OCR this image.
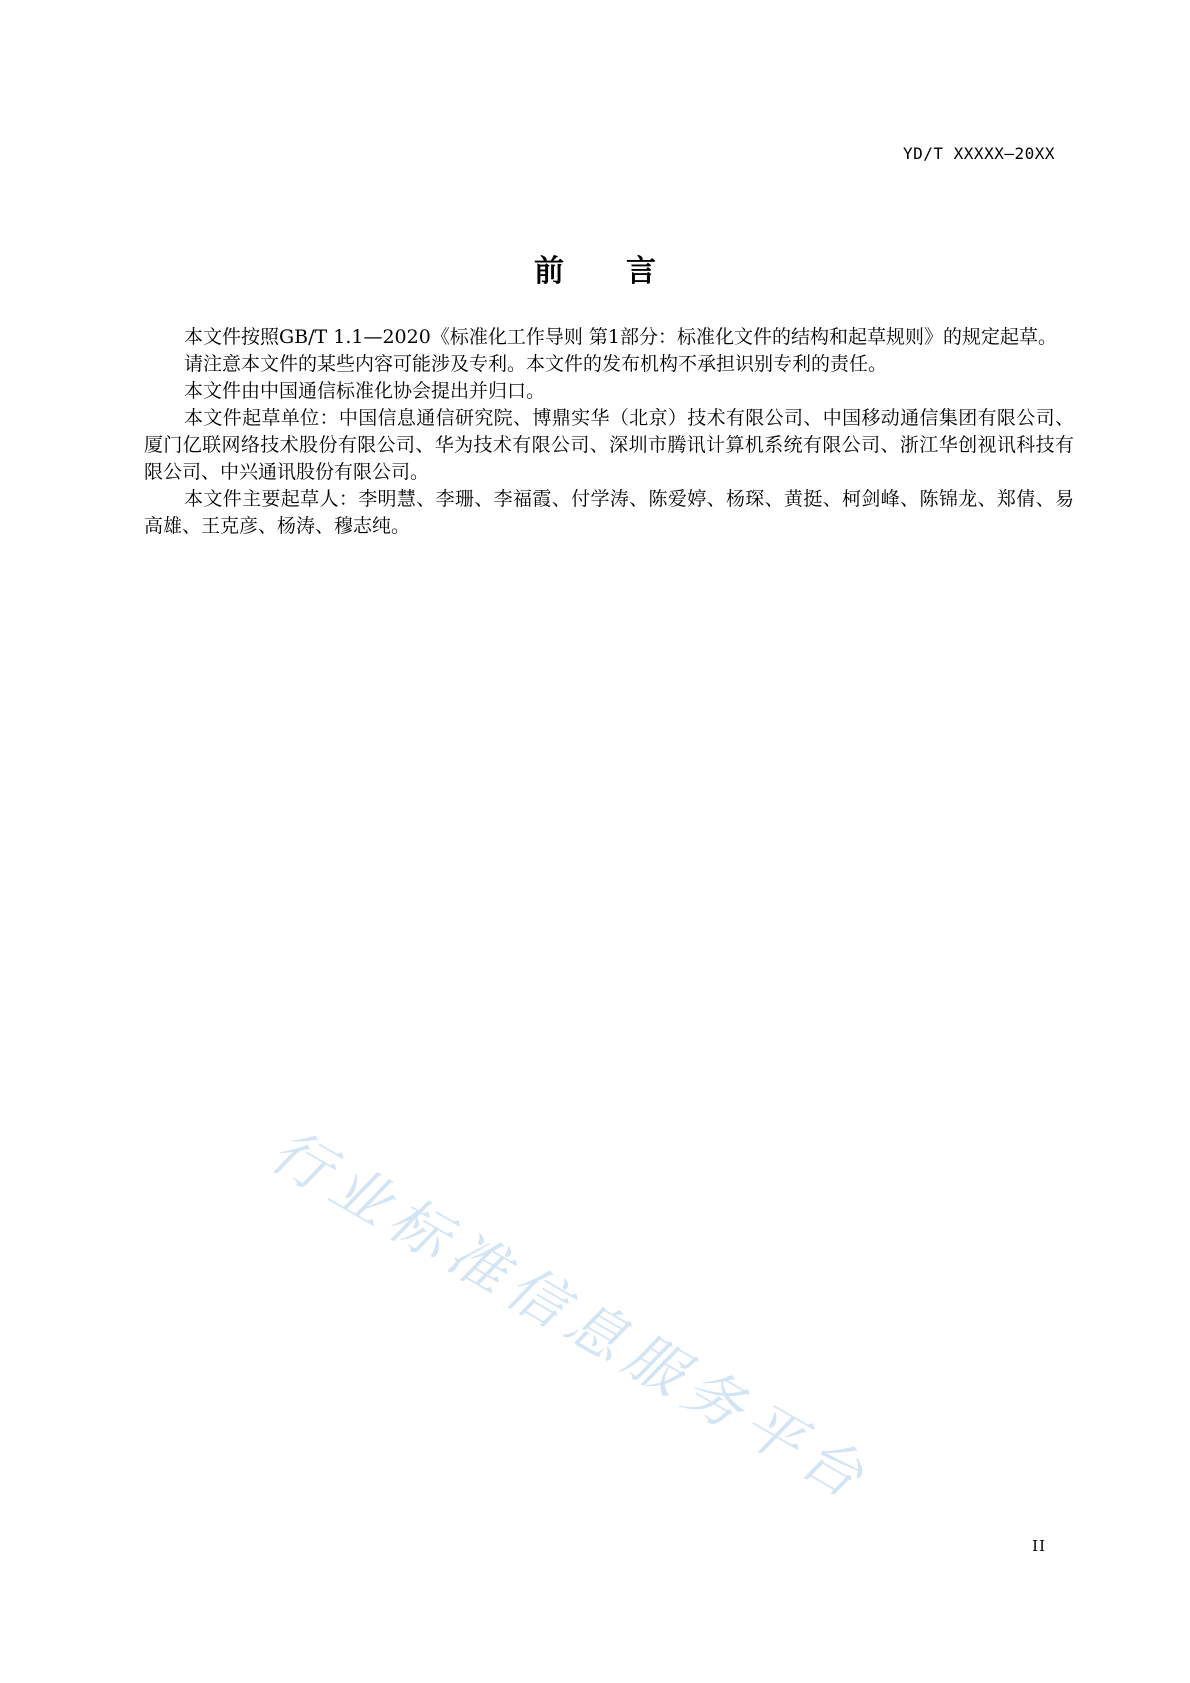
YD/T XXXXX—20XX
前言

本文件按照GB/T 1.1—2020《标准化工作导则 第1部分：标准化文件的结构和起草规则》的规定起草。

请注意本文件的某些内容可能涉及专利。本文件的发布机构不承担识别专利的责任。

本文件由中国通信标准化协会提出并归口。

本文件起草单位：中国信息通信研究院、博鼎实华（北京）技术有限公司、中国移动通信集团有限公司、厦门亿联网络技术股份有限公司、华为技术有限公司、深圳市腾讯计算机系统有限公司、浙江华创视讯科技有限公司、中兴通讯股份有限公司。

本文件主要起草人：李明慧、李珊、李福霞、付学涛、陈爱婷、杨琛、黄挺、柯剑峰、陈锦龙、郑倩、易高雄、王克彦、杨涛、穆志纯。

行业标准信息服务平台
II
